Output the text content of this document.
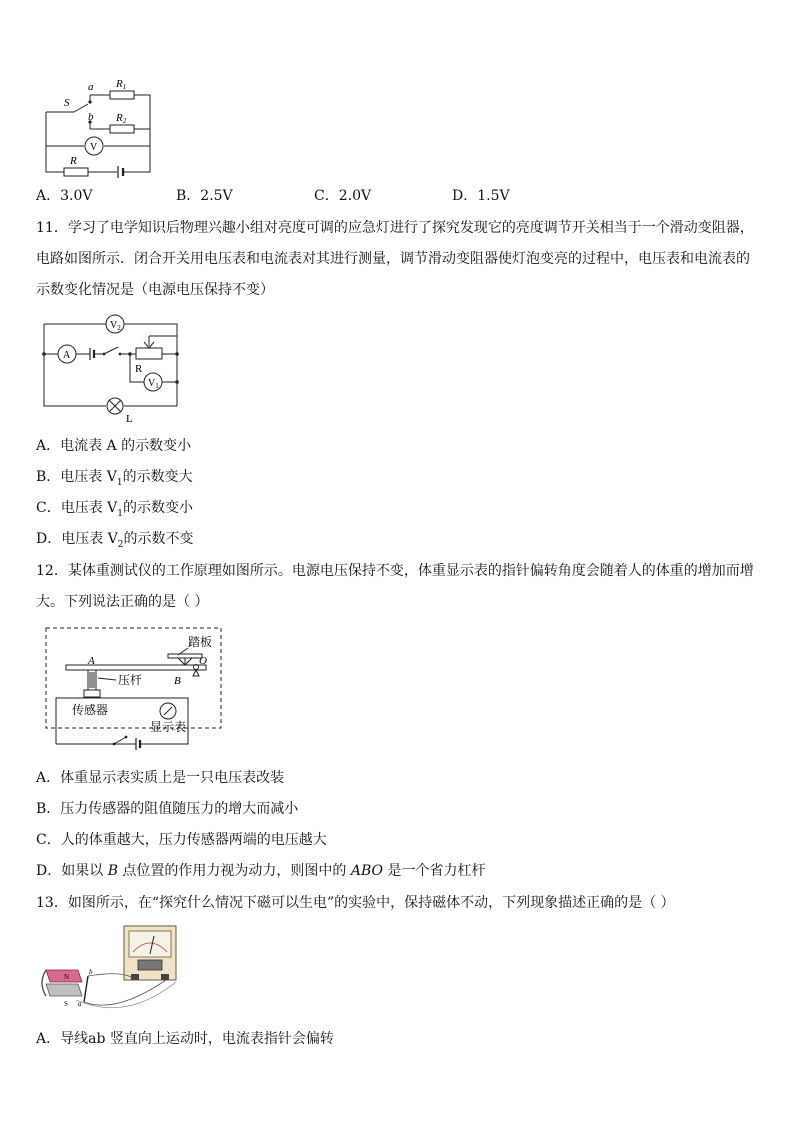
a
b
S
R1
R2
V
R
A．3.0V	B．2.5V	C．2.0V	D．1.5V
11．学习了电学知识后物理兴趣小组对亮度可调的应急灯进行了探究发现它的亮度调节开关相当于一个滑动变阻器，
电路如图所示．闭合开关用电压表和电流表对其进行测量，调节滑动变阻器使灯泡变亮的过程中，电压表和电流表的
示数变化情况是（电源电压保持不变）
A
$V_2$
$V_1$
R
L
A．电流表 A 的示数变小
B．电压表 $V_1$的示数变大
C．电压表 $V_1$的示数变小
D．电压表 $V_2$的示数不变
12．某体重测试仪的工作原理如图所示。电源电压保持不变，体重显示表的指针偏转角度会随着人的体重的增加而增
大。下列说法正确的是（ ）
踏板
A
B
O
压杆
传感器
显示表
A．体重显示表实质上是一只电压表改装
B．压力传感器的阻值随压力的增大而减小
C．人的体重越大，压力传感器两端的电压越大
D．如果以 B 点位置的作用力视为动力，则图中的 ABO 是一个省力杠杆
13．如图所示，在“探究什么情况下磁可以生电”的实验中，保持磁体不动，下列现象描述正确的是（ ）
N
S
b
a
A．导线ab 竖直向上运动时，电流表指针会偏转
